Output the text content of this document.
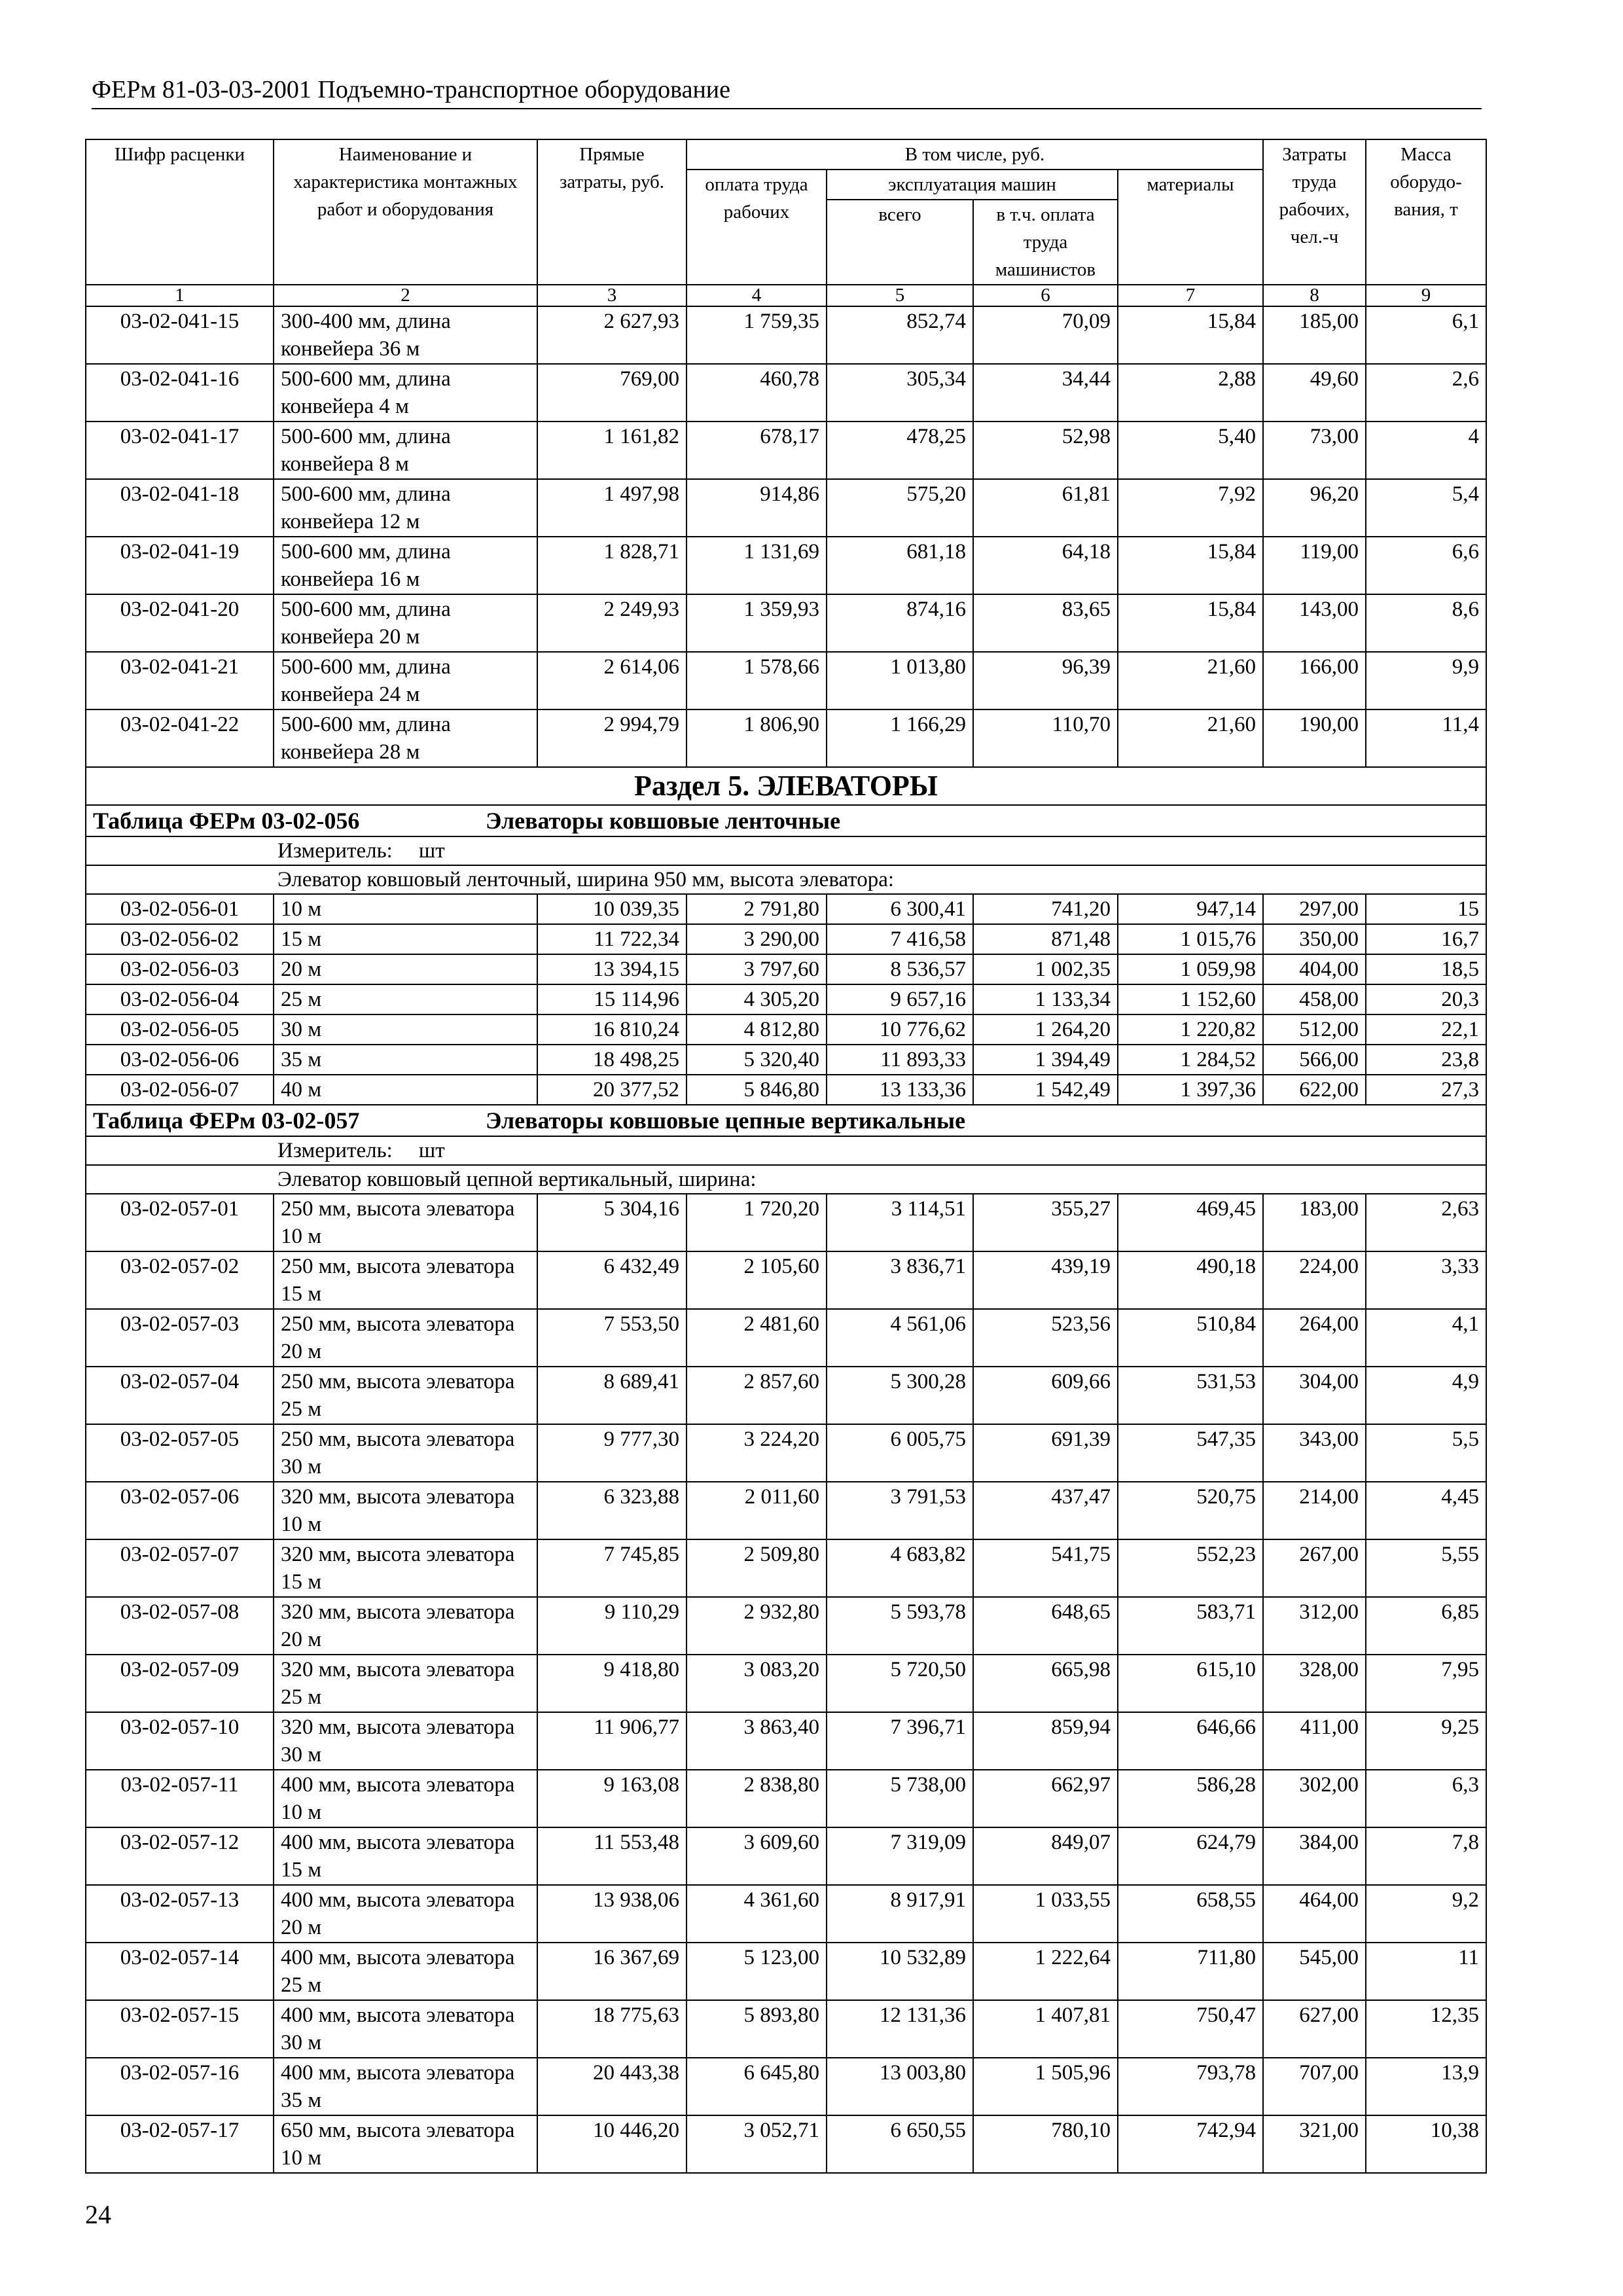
ФЕРм 81-03-03-2001 Подъемно-транспортное оборудование
Шифр расценки	Наименование и характеристика монтажных работ и оборудования	Прямые затраты, руб.	В том числе, руб.				Затраты труда рабочих, чел.-ч	Масса оборудо-вания, т
			оплата труда рабочих	эксплуатация машин		материалы		
				всего	в т.ч. оплата труда машинистов			
1	2	3	4	5	6	7	8	9
03-02-041-15	300-400 мм, длина конвейера 36 м	2 627,93	1 759,35	852,74	70,09	15,84	185,00	6,1
03-02-041-16	500-600 мм, длина конвейера 4 м	769,00	460,78	305,34	34,44	2,88	49,60	2,6
03-02-041-17	500-600 мм, длина конвейера 8 м	1 161,82	678,17	478,25	52,98	5,40	73,00	4
03-02-041-18	500-600 мм, длина конвейера 12 м	1 497,98	914,86	575,20	61,81	7,92	96,20	5,4
03-02-041-19	500-600 мм, длина конвейера 16 м	1 828,71	1 131,69	681,18	64,18	15,84	119,00	6,6
03-02-041-20	500-600 мм, длина конвейера 20 м	2 249,93	1 359,93	874,16	83,65	15,84	143,00	8,6
03-02-041-21	500-600 мм, длина конвейера 24 м	2 614,06	1 578,66	1 013,80	96,39	21,60	166,00	9,9
03-02-041-22	500-600 мм, длина конвейера 28 м	2 994,79	1 806,90	1 166,29	110,70	21,60	190,00	11,4
Раздел 5. ЭЛЕВАТОРЫ								
Таблица ФЕРм 03-02-056 Элеваторы ковшовые ленточные								
Измеритель: шт								
Элеватор ковшовый ленточный, ширина 950 мм, высота элеватора:								
03-02-056-01	10 м	10 039,35	2 791,80	6 300,41	741,20	947,14	297,00	15
03-02-056-02	15 м	11 722,34	3 290,00	7 416,58	871,48	1 015,76	350,00	16,7
03-02-056-03	20 м	13 394,15	3 797,60	8 536,57	1 002,35	1 059,98	404,00	18,5
03-02-056-04	25 м	15 114,96	4 305,20	9 657,16	1 133,34	1 152,60	458,00	20,3
03-02-056-05	30 м	16 810,24	4 812,80	10 776,62	1 264,20	1 220,82	512,00	22,1
03-02-056-06	35 м	18 498,25	5 320,40	11 893,33	1 394,49	1 284,52	566,00	23,8
03-02-056-07	40 м	20 377,52	5 846,80	13 133,36	1 542,49	1 397,36	622,00	27,3
Таблица ФЕРм 03-02-057 Элеваторы ковшовые цепные вертикальные								
Измеритель: шт								
Элеватор ковшовый цепной вертикальный, ширина:								
03-02-057-01	250 мм, высота элеватора 10 м	5 304,16	1 720,20	3 114,51	355,27	469,45	183,00	2,63
03-02-057-02	250 мм, высота элеватора 15 м	6 432,49	2 105,60	3 836,71	439,19	490,18	224,00	3,33
03-02-057-03	250 мм, высота элеватора 20 м	7 553,50	2 481,60	4 561,06	523,56	510,84	264,00	4,1
03-02-057-04	250 мм, высота элеватора 25 м	8 689,41	2 857,60	5 300,28	609,66	531,53	304,00	4,9
03-02-057-05	250 мм, высота элеватора 30 м	9 777,30	3 224,20	6 005,75	691,39	547,35	343,00	5,5
03-02-057-06	320 мм, высота элеватора 10 м	6 323,88	2 011,60	3 791,53	437,47	520,75	214,00	4,45
03-02-057-07	320 мм, высота элеватора 15 м	7 745,85	2 509,80	4 683,82	541,75	552,23	267,00	5,55
03-02-057-08	320 мм, высота элеватора 20 м	9 110,29	2 932,80	5 593,78	648,65	583,71	312,00	6,85
03-02-057-09	320 мм, высота элеватора 25 м	9 418,80	3 083,20	5 720,50	665,98	615,10	328,00	7,95
03-02-057-10	320 мм, высота элеватора 30 м	11 906,77	3 863,40	7 396,71	859,94	646,66	411,00	9,25
03-02-057-11	400 мм, высота элеватора 10 м	9 163,08	2 838,80	5 738,00	662,97	586,28	302,00	6,3
03-02-057-12	400 мм, высота элеватора 15 м	11 553,48	3 609,60	7 319,09	849,07	624,79	384,00	7,8
03-02-057-13	400 мм, высота элеватора 20 м	13 938,06	4 361,60	8 917,91	1 033,55	658,55	464,00	9,2
03-02-057-14	400 мм, высота элеватора 25 м	16 367,69	5 123,00	10 532,89	1 222,64	711,80	545,00	11
03-02-057-15	400 мм, высота элеватора 30 м	18 775,63	5 893,80	12 131,36	1 407,81	750,47	627,00	12,35
03-02-057-16	400 мм, высота элеватора 35 м	20 443,38	6 645,80	13 003,80	1 505,96	793,78	707,00	13,9
03-02-057-17	650 мм, высота элеватора 10 м	10 446,20	3 052,71	6 650,55	780,10	742,94	321,00	10,38
24
